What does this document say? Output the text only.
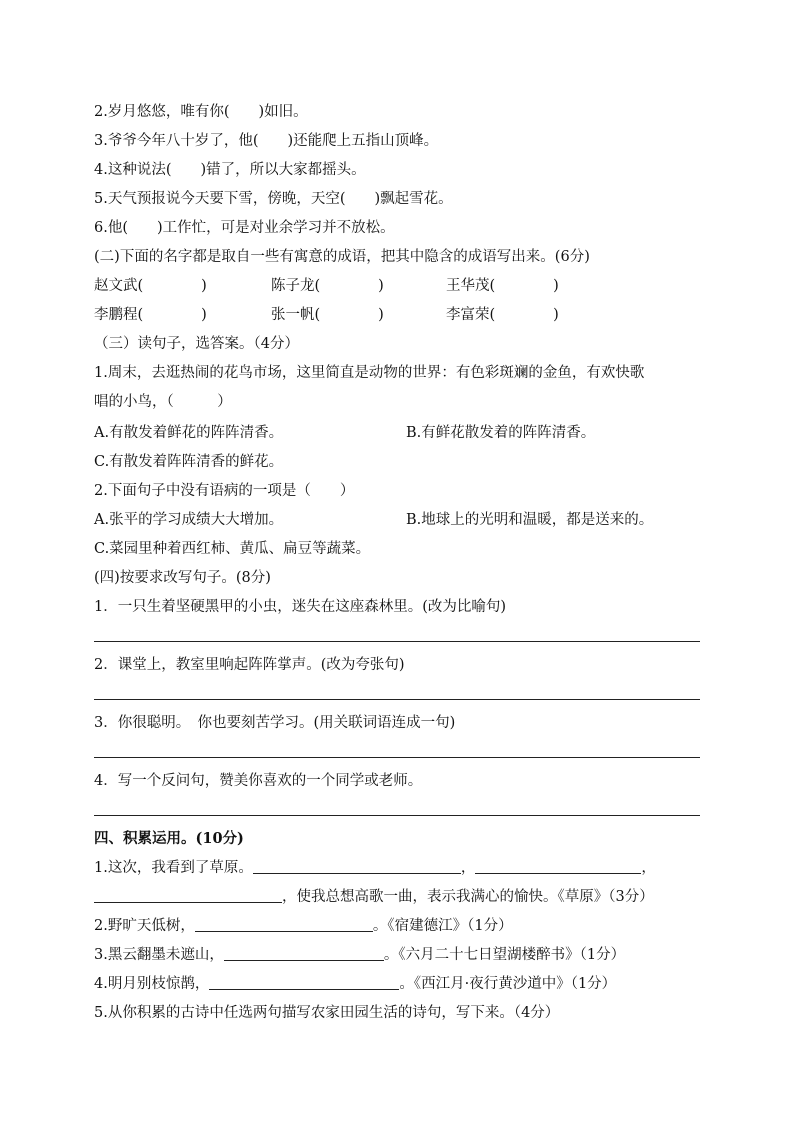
2.岁月悠悠，唯有你(　　)如旧。
3.爷爷今年八十岁了，他(　　)还能爬上五指山顶峰。
4.这种说法(　　)错了，所以大家都摇头。
5.天气预报说今天要下雪，傍晚，天空(　　)飘起雪花。
6.他(　　)工作忙，可是对业余学习并不放松。
(二)下面的名字都是取自一些有寓意的成语，把其中隐含的成语写出来。(6分)
赵文武(　　　　)	陈子龙(　　　　)	王华茂(　　　　)
李鹏程(　　　　)	张一帆(　　　　)	李富荣(　　　　)
（三）读句子，选答案。（4分）
1.周末，去逛热闹的花鸟市场，这里简直是动物的世界：有色彩斑斓的金鱼，有欢快歌
唱的小鸟，（　　　）
A.有散发着鲜花的阵阵清香。	B.有鲜花散发着的阵阵清香。
C.有散发着阵阵清香的鲜花。
2.下面句子中没有语病的一项是（　　）
A.张平的学习成绩大大增加。	B.地球上的光明和温暖，都是送来的。
C.菜园里种着西红柿、黄瓜、扁豆等蔬菜。
(四)按要求改写句子。(8分)
1．一只生着坚硬黑甲的小虫，迷失在这座森林里。(改为比喻句)
2．课堂上，教室里响起阵阵掌声。(改为夸张句)
3．你很聪明。　你也要刻苦学习。(用关联词语连成一句)
4．写一个反问句，赞美你喜欢的一个同学或老师。
四、积累运用。(10分)
1.这次，我看到了草原。	，	，
，使我总想高歌一曲，表示我满心的愉快。《草原》（3分）
2.野旷天低树，	。《宿建德江》（1分）
3.黑云翻墨未遮山，	。《六月二十七日望湖楼醉书》（1分）
4.明月别枝惊鹊，	。《西江月·夜行黄沙道中》（1分）
5.从你积累的古诗中任选两句描写农家田园生活的诗句，写下来。（4分）
